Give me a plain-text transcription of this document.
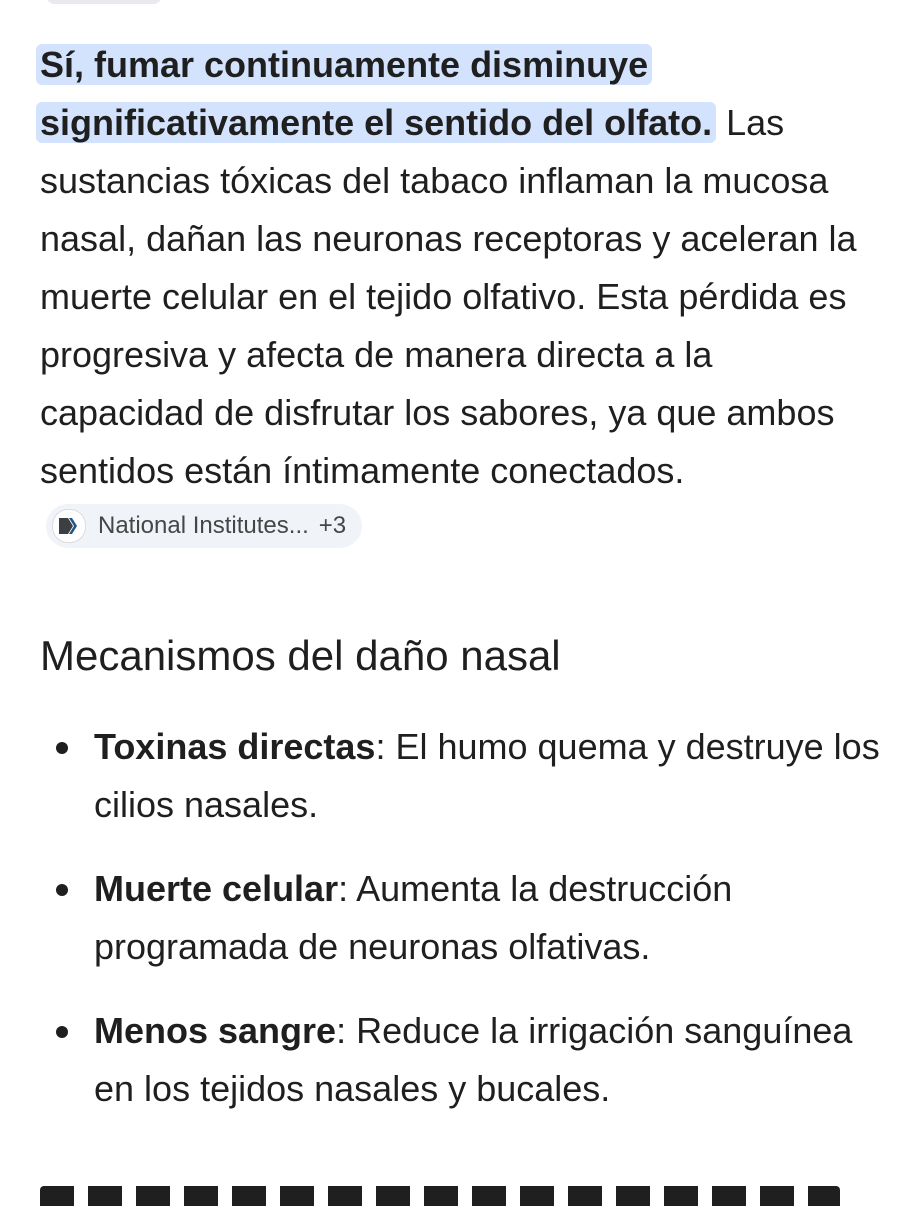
Sí, fumar continuamente disminuye
significativamente el sentido del olfato. Las sustancias tóxicas del tabaco inflaman la mucosa nasal, dañan las neuronas receptoras y aceleran la muerte celular en el tejido olfativo. Esta pérdida es progresiva y afecta de manera directa a la capacidad de disfrutar los sabores, ya que ambos sentidos están íntimamente conectados.
National Institutes... +3

Mecanismos del daño nasal
Toxinas directas: El humo quema y destruye los cilios nasales.
Muerte celular: Aumenta la destrucción programada de neuronas olfativas.
Menos sangre: Reduce la irrigación sanguínea en los tejidos nasales y bucales.
